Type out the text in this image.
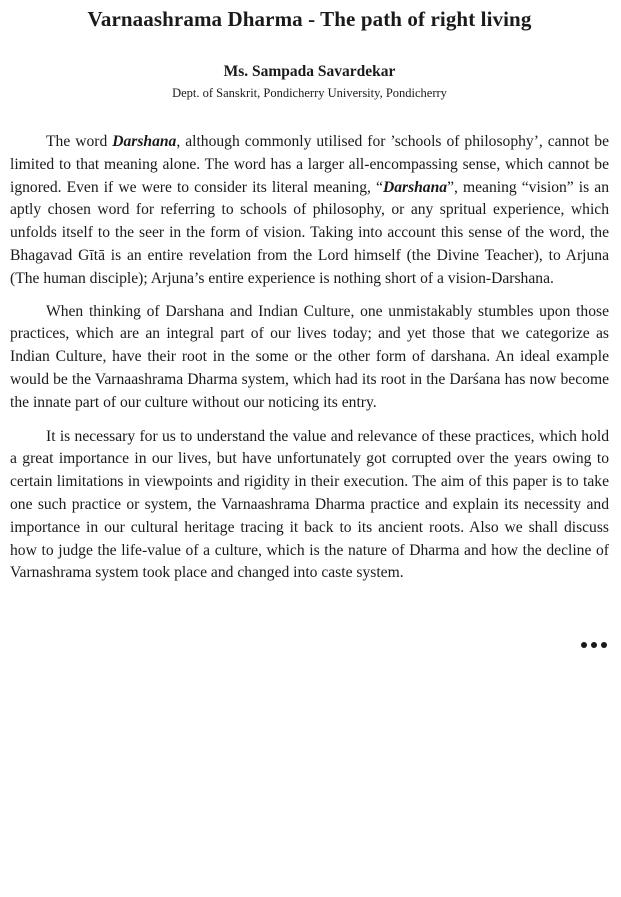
Varnaashrama Dharma - The path of right living
Ms. Sampada Savardekar
Dept. of Sanskrit, Pondicherry University, Pondicherry

The word Darshana, although commonly utilised for ’schools of philosophy’, cannot be limited to that meaning alone. The word has a larger all-encompassing sense, which cannot be ignored. Even if we were to consider its literal meaning, “Darshana”, meaning “vision” is an aptly chosen word for referring to schools of philosophy, or any spritual experience, which unfolds itself to the seer in the form of vision. Taking into account this sense of the word, the Bhagavad Gītā is an entire revelation from the Lord himself (the Divine Teacher), to Arjuna (The human disciple); Arjuna’s entire experience is nothing short of a vision-Darshana.

When thinking of Darshana and Indian Culture, one unmistakably stumbles upon those practices, which are an integral part of our lives today; and yet those that we categorize as Indian Culture, have their root in the some or the other form of darshana. An ideal example would be the Varnaashrama Dharma system, which had its root in the Darśana has now become the innate part of our culture without our noticing its entry.

It is necessary for us to understand the value and relevance of these practices, which hold a great importance in our lives, but have unfortunately got corrupted over the years owing to certain limitations in viewpoints and rigidity in their execution. The aim of this paper is to take one such practice or system, the Varnaashrama Dharma practice and explain its necessity and importance in our cultural heritage tracing it back to its ancient roots. Also we shall discuss how to judge the life-value of a culture, which is the nature of Dharma and how the decline of Varnashrama system took place and changed into caste system.
